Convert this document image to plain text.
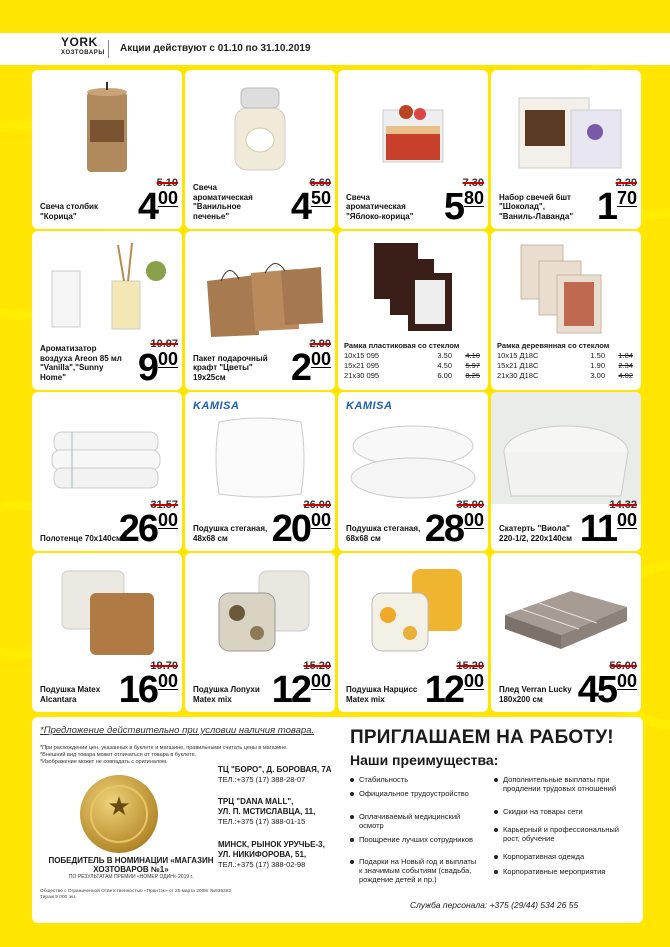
YORK
ХОЗТОВАРЫ Акции действуют с 01.10 по 31.10.2019
Свеча столбик "Корица"
5.10
4 00
Свеча ароматическая "Ванильное печенье"
6.60
4 50 Свеча ароматическая "Яблоко-корица"
7.30
5 80 Набор свечей 6шт "Шоколад", "Ваниль-Лаванда"
2.20
1 70
Ароматизатор воздуха Areon 85 мл "Vanilla","Sunny Home"
10.97
9 00 Пакет подарочный крафт "Цветы" 19х25см
2.90
2 00
Рамка пластиковая со стеклом
10х15 095	3.50	4.10
15х21 095	4.50	5.97
21х30 095	6.00	8.25
Рамка деревянная со стеклом
10х15 Д18С	1.50	1.84
15х21 Д18С	1.90	2.34
21х30 Д18С	3.00	4.02
Полотенце 70х140см
31.57
26 00
KAMISA
Подушка стеганая, 48х68 см
26.00
20 00
KAMISA
Подушка стеганая, 68х68 см
35.90
28 00 Скатерть "Виола" 220-1/2, 220х140см
14.32
11 00
Подушка Matex Alcantara
19.70
16 00 Подушка Лопухи Matex mix
15.20
12 00 Подушка Нарцисс Matex mix
15.20
12 00 Плед Verran Lucky 180х200 см
56.00
45 00
*Предложение действительно при условии наличия товара.
*При расхождении цен, указанных в буклете и магазине, правильными считать цены в магазине.
*Внешний вид товара может отличаться от товара в буклете.
*Изображение может не совпадать с оригиналом.
★
ПОБЕДИТЕЛЬ В НОМИНАЦИИ «МАГАЗИН ХОЗТОВАРОВ №1»
ПО РЕЗУЛЬТАТАМ ПРЕМИИ «НОМЕР ОДИН» 2019 г.
Общество с Ограниченной Ответственностью «Прантэк» от 25 марта 2008г №635282 Тираж 9 000 экз.
ТЦ "БОРО", Д. БОРОВАЯ, 7А
ТЕЛ.:+375 (17) 388-28-07
ТРЦ "DANA MALL",
УЛ. П. МСТИСЛАВЦА, 11,
ТЕЛ.:+375 (17) 388-01-15
МИНСК, РЫНОК УРУЧЬЕ-3,
УЛ. НИКИФОРОВА, 51,
ТЕЛ.:+375 (17) 388-02-98
ПРИГЛАШАЕМ НА РАБОТУ!
Наши преимущества:
Стабильность
Официальное трудоустройство
Оплачиваемый медицинский осмотр
Поощрение лучших сотрудников
Подарки на Новый год и выплаты к значимым событиям (свадьба, рождение детей и пр.)
Дополнительные выплаты при продлении трудовых отношений
Скидки на товары сети
Карьерный и профессиональный рост, обучение
Корпоративная одежда
Корпоративные мероприятия
Служба персонала: +375 (29/44) 534 26 55
